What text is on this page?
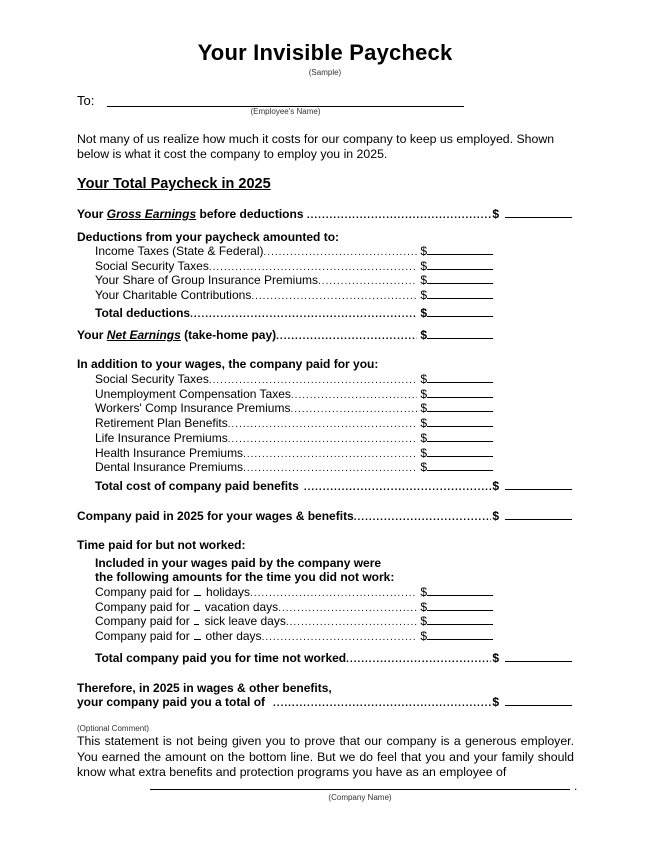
Your Invisible Paycheck
(Sample)
To:
(Employee's Name)
Not many of us realize how much it costs for our company to keep us employed. Shown below is what it cost the company to employ you in 2025.
Your Total Paycheck in 2025
Your Gross Earnings before deductions .....	$
Deductions from your paycheck amounted to:
Income Taxes (State & Federal) .....	$
Social Security Taxes .....	$
Your Share of Group Insurance Premiums .....	$
Your Charitable Contributions .....	$
Total deductions .....	$
Your Net Earnings (take-home pay) .....	$
In addition to your wages, the company paid for you:
Social Security Taxes .....	$
Unemployment Compensation Taxes .....	$
Workers' Comp Insurance Premiums .....	$
Retirement Plan Benefits .....	$
Life Insurance Premiums .....	$
Health Insurance Premiums .....	$
Dental Insurance Premiums .....	$
Total cost of company paid benefits .....	$
Company paid in 2025 for your wages & benefits .....	$
Time paid for but not worked:
Included in your wages paid by the company were
the following amounts for the time you did not work:
Company paid for holidays .....	$
Company paid for vacation days .....	$
Company paid for sick leave days .....	$
Company paid for other days .....	$
Total company paid you for time not worked .....	$
Therefore, in 2025 in wages & other benefits,
your company paid you a total of .....	$
(Optional Comment)
This statement is not being given you to prove that our company is a generous employer. You earned the amount on the bottom line. But we do feel that you and your family should know what extra benefits and protection programs you have as an employee of
.
(Company Name)
